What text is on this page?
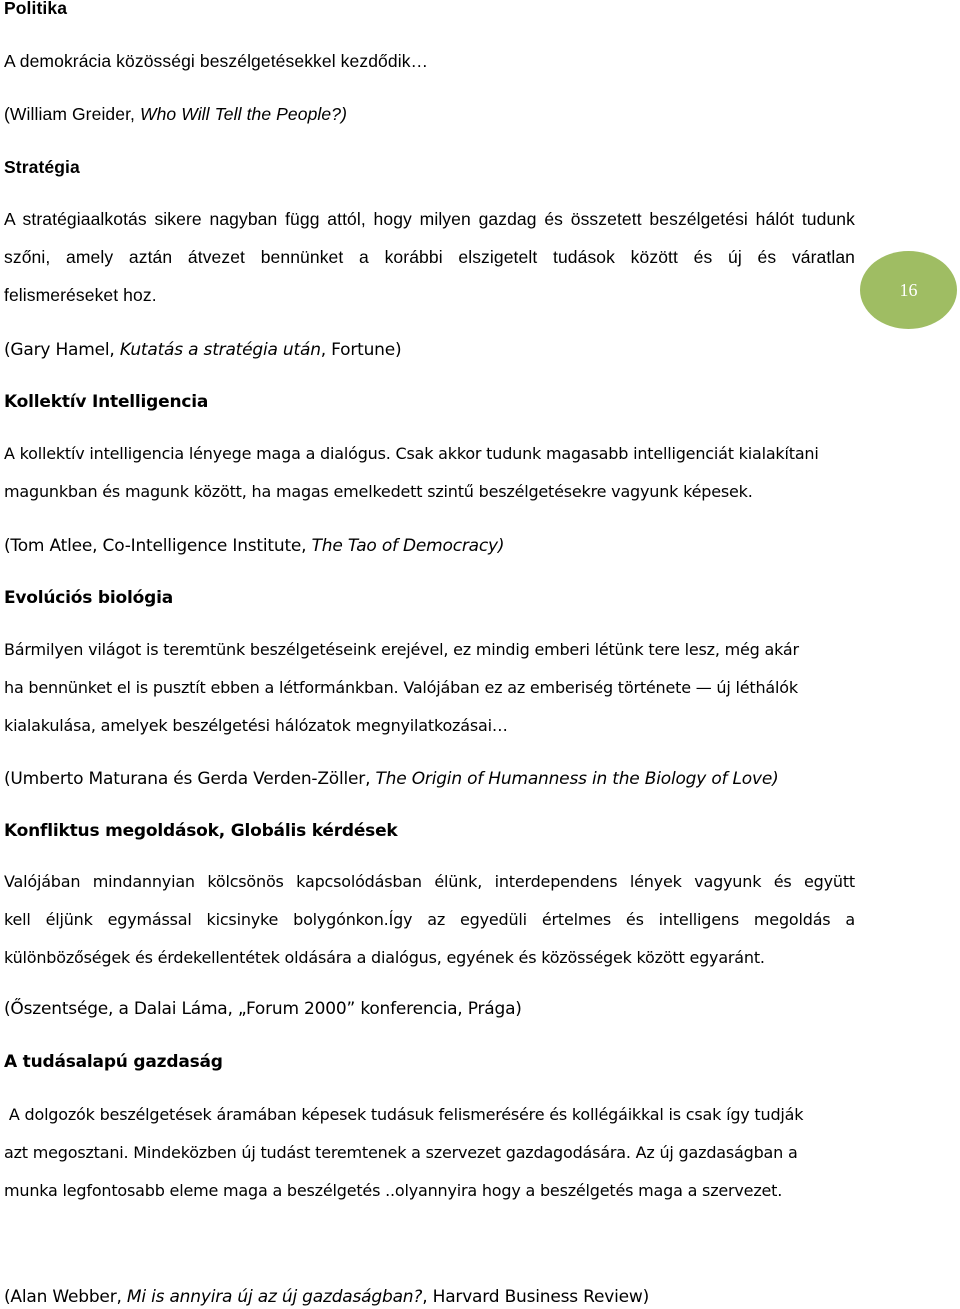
Politika
A demokrácia közösségi beszélgetésekkel kezdődik…
(William Greider, Who Will Tell the People?)
Stratégia
A stratégiaalkotás sikere nagyban függ attól, hogy milyen gazdag és összetett beszélgetési hálót tudunk
szőni, amely aztán átvezet bennünket a korábbi elszigetelt tudások között és új és váratlan
felismeréseket hoz.
(Gary Hamel, Kutatás a stratégia után, Fortune)
Kollektív Intelligencia
A kollektív intelligencia lényege maga a dialógus. Csak akkor tudunk magasabb intelligenciát kialakítani
magunkban és magunk között, ha magas emelkedett szintű beszélgetésekre vagyunk képesek.
(Tom Atlee, Co-Intelligence Institute, The Tao of Democracy)
Evolúciós biológia
Bármilyen világot is teremtünk beszélgetéseink erejével, ez mindig emberi létünk tere lesz, még akár
ha bennünket el is pusztít ebben a létformánkban. Valójában ez az emberiség története — új léthálók
kialakulása, amelyek beszélgetési hálózatok megnyilatkozásai…
(Umberto Maturana és Gerda Verden-Zöller, The Origin of Humanness in the Biology of Love)
Konfliktus megoldások, Globális kérdések
Valójában mindannyian kölcsönös kapcsolódásban élünk, interdependens lények vagyunk és együtt
kell éljünk egymással kicsinyke bolygónkon.Így az egyedüli értelmes és intelligens megoldás a
különbözőségek és érdekellentétek oldására a dialógus, egyének és közösségek között egyaránt.
(Őszentsége, a Dalai Láma, „Forum 2000” konferencia, Prága)
A tudásalapú gazdaság
A dolgozók beszélgetések áramában képesek tudásuk felismerésére és kollégáikkal is csak így tudják
azt megosztani. Mindeközben új tudást teremtenek a szervezet gazdagodására. Az új gazdaságban a
munka legfontosabb eleme maga a beszélgetés ..olyannyira hogy a beszélgetés maga a szervezet.
(Alan Webber, Mi is annyira új az új gazdaságban?, Harvard Business Review)
16
